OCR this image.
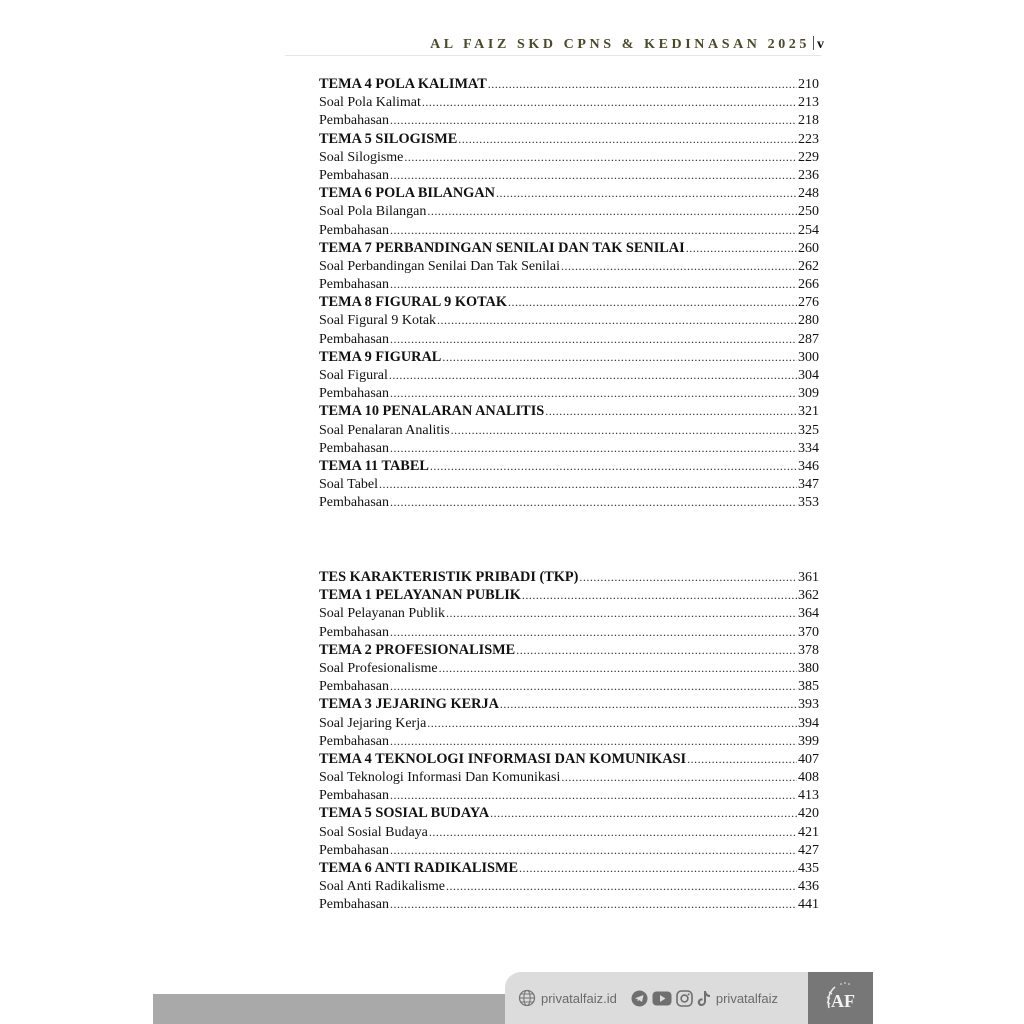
AL FAIZ SKD CPNS & KEDINASAN 2025 v
TEMA 4 POLA KALIMAT .....	210
Soal Pola Kalimat .....	213
Pembahasan .....	218
TEMA 5 SILOGISME .....	223
Soal Silogisme .....	229
Pembahasan .....	236
TEMA 6 POLA BILANGAN .....	248
Soal Pola Bilangan .....	250
Pembahasan .....	254
TEMA 7 PERBANDINGAN SENILAI DAN TAK SENILAI .....	260
Soal Perbandingan Senilai Dan Tak Senilai .....	262
Pembahasan .....	266
TEMA 8 FIGURAL 9 KOTAK .....	276
Soal Figural 9 Kotak .....	280
Pembahasan .....	287
TEMA 9 FIGURAL .....	300
Soal Figural .....	304
Pembahasan .....	309
TEMA 10 PENALARAN ANALITIS .....	321
Soal Penalaran Analitis .....	325
Pembahasan .....	334
TEMA 11 TABEL .....	346
Soal Tabel .....	347
Pembahasan .....	353
TES KARAKTERISTIK PRIBADI (TKP) .....	361
TEMA 1 PELAYANAN PUBLIK .....	362
Soal Pelayanan Publik .....	364
Pembahasan .....	370
TEMA 2 PROFESIONALISME .....	378
Soal Profesionalisme .....	380
Pembahasan .....	385
TEMA 3 JEJARING KERJA .....	393
Soal Jejaring Kerja .....	394
Pembahasan .....	399
TEMA 4 TEKNOLOGI INFORMASI DAN KOMUNIKASI .....	407
Soal Teknologi Informasi Dan Komunikasi .....	408
Pembahasan .....	413
TEMA 5 SOSIAL BUDAYA .....	420
Soal Sosial Budaya .....	421
Pembahasan .....	427
TEMA 6 ANTI RADIKALISME .....	435
Soal Anti Radikalisme .....	436
Pembahasan .....	441
AF
privatalfaiz.id	privatalfaiz
